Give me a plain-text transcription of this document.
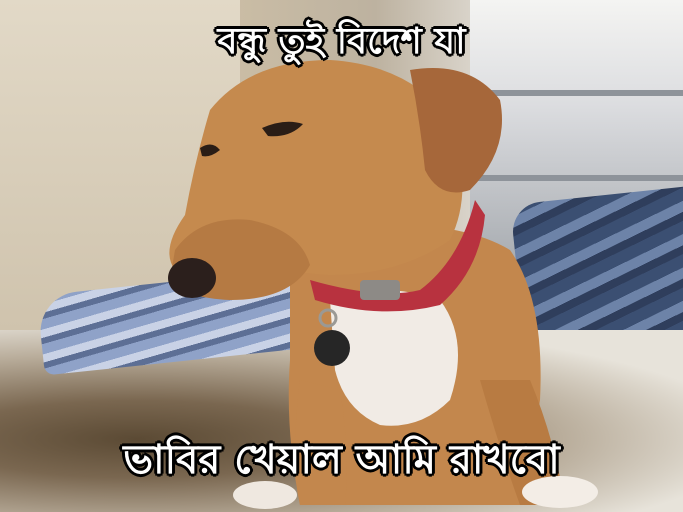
বন্ধু তুই বিদেশ যা
ভাবির খেয়াল আমি রাখবো
